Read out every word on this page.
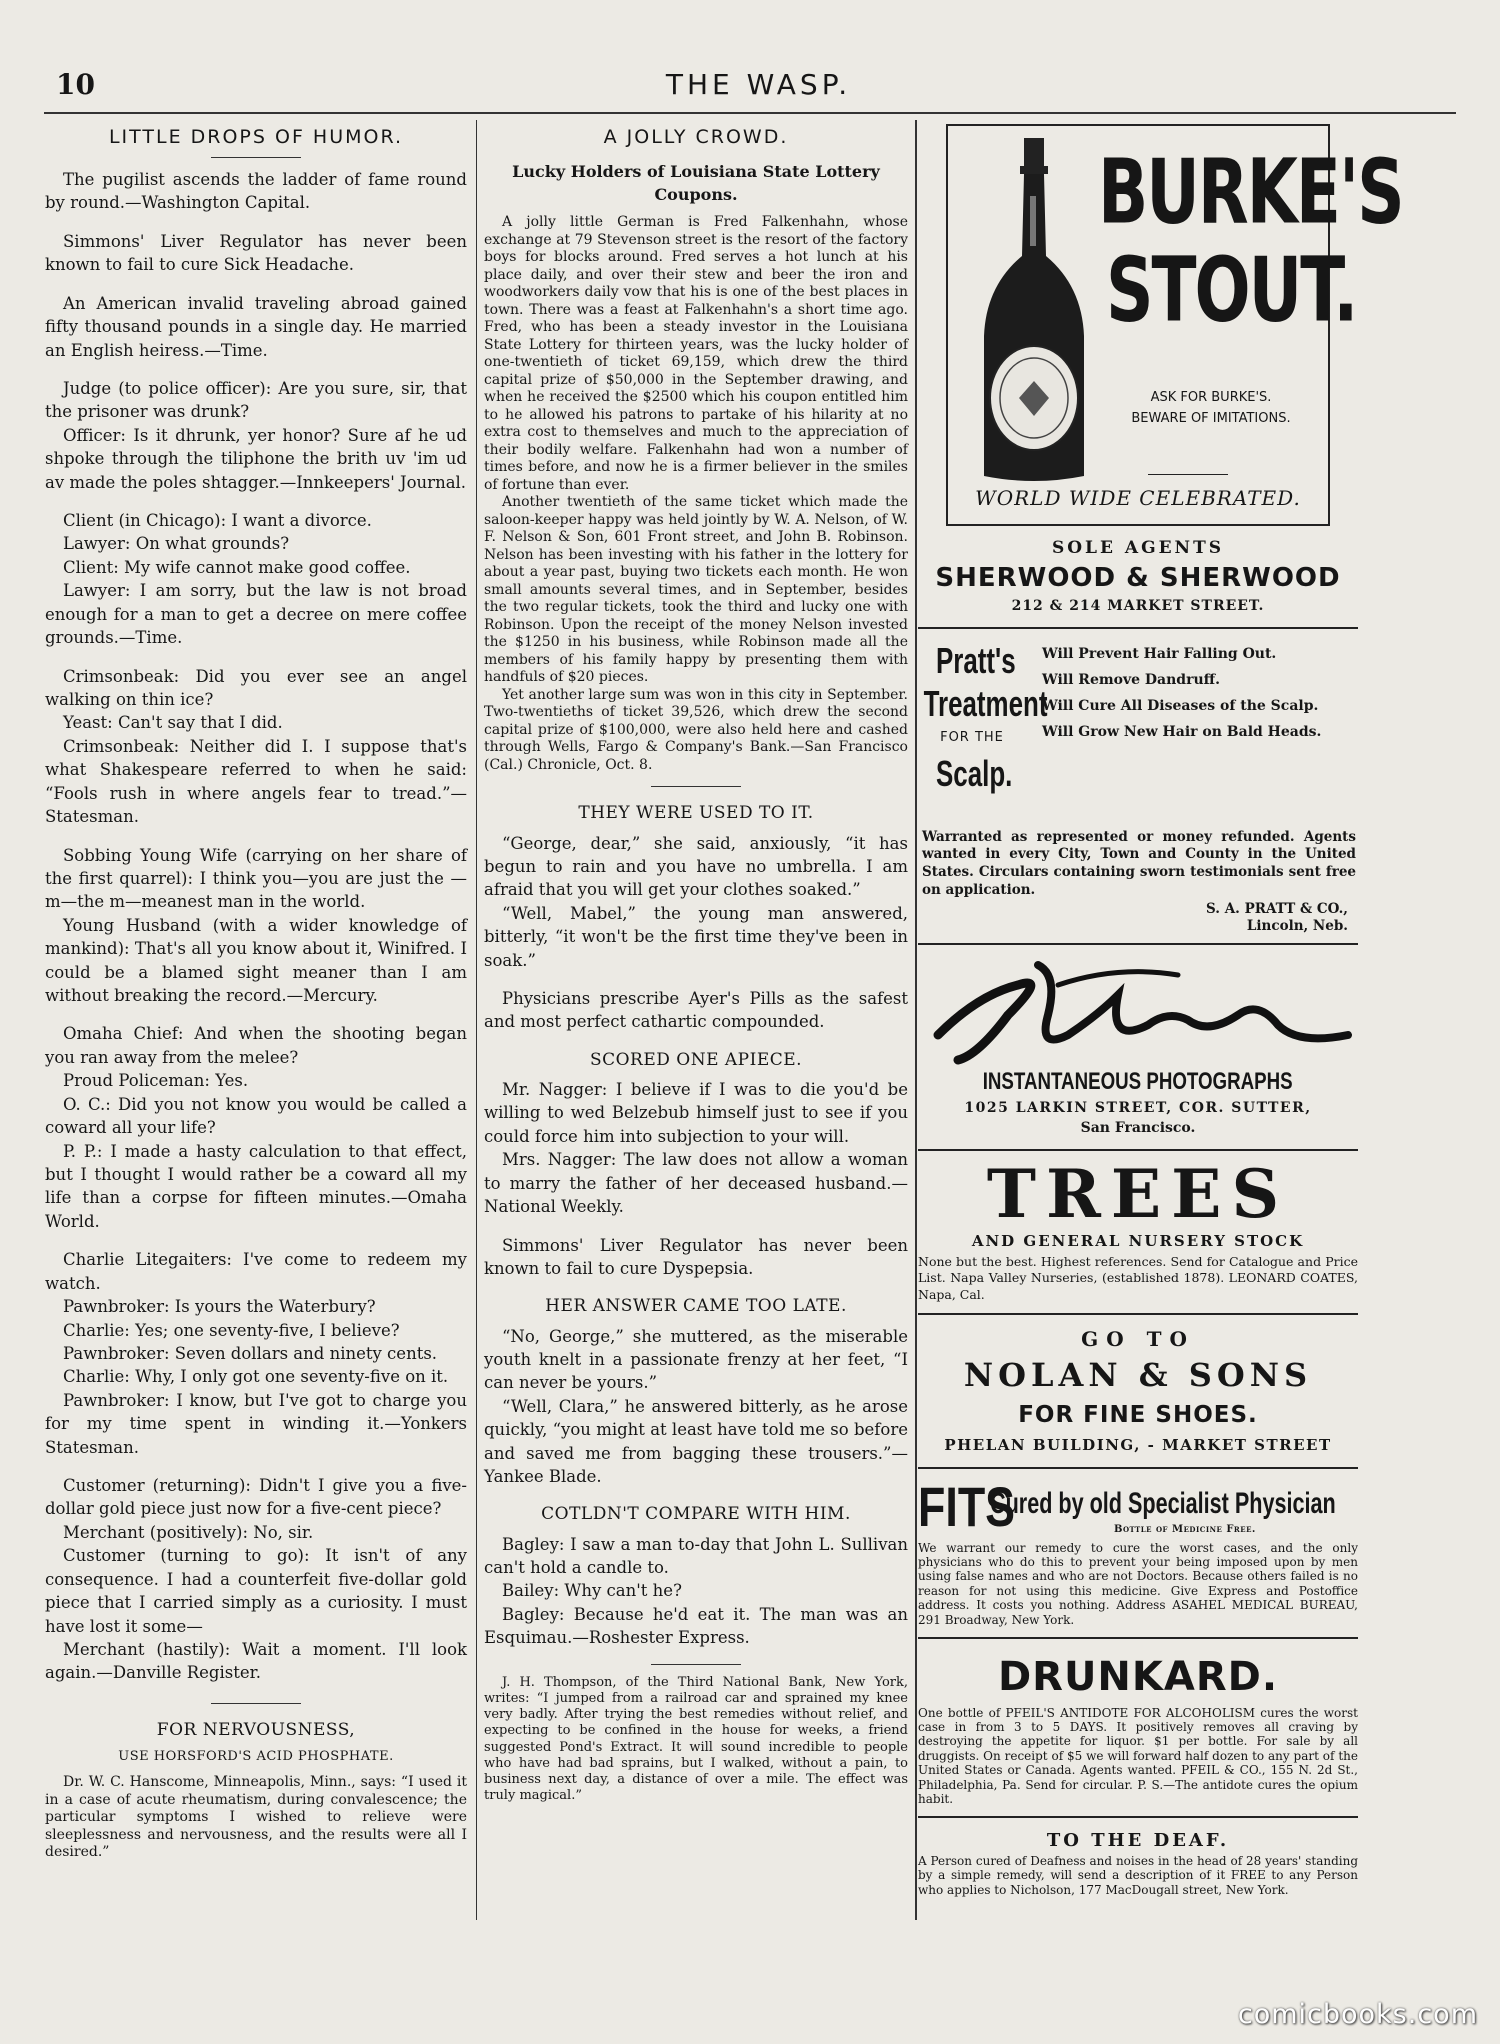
10	THE WASP.
LITTLE DROPS OF HUMOR.

The pugilist ascends the ladder of fame round by round.—Washington Capital.

Simmons' Liver Regulator has never been known to fail to cure Sick Headache.

An American invalid traveling abroad gained fifty thousand pounds in a single day. He married an English heiress.—Time.

Judge (to police officer): Are you sure, sir, that the prisoner was drunk?

Officer: Is it dhrunk, yer honor? Sure af he ud shpoke through the tiliphone the brith uv 'im ud av made the poles shtagger.—Innkeepers' Journal.

Client (in Chicago): I want a divorce.

Lawyer: On what grounds?

Client: My wife cannot make good coffee.

Lawyer: I am sorry, but the law is not broad enough for a man to get a decree on mere coffee grounds.—Time.

Crimsonbeak: Did you ever see an angel walking on thin ice?

Yeast: Can't say that I did.

Crimsonbeak: Neither did I. I suppose that's what Shakespeare referred to when he said: “Fools rush in where angels fear to tread.”—Statesman.

Sobbing Young Wife (carrying on her share of the first quarrel): I think you—you are just the —m—the m—meanest man in the world.

Young Husband (with a wider knowledge of mankind): That's all you know about it, Winifred. I could be a blamed sight meaner than I am without breaking the record.—Mercury.

Omaha Chief: And when the shooting began you ran away from the melee?

Proud Policeman: Yes.

O. C.: Did you not know you would be called a coward all your life?

P. P.: I made a hasty calculation to that effect, but I thought I would rather be a coward all my life than a corpse for fifteen minutes.—Omaha World.

Charlie Litegaiters: I've come to redeem my watch.

Pawnbroker: Is yours the Waterbury?

Charlie: Yes; one seventy-five, I believe?

Pawnbroker: Seven dollars and ninety cents.

Charlie: Why, I only got one seventy-five on it.

Pawnbroker: I know, but I've got to charge you for my time spent in winding it.—Yonkers Statesman.

Customer (returning): Didn't I give you a five-dollar gold piece just now for a five-cent piece?

Merchant (positively): No, sir.

Customer (turning to go): It isn't of any consequence. I had a counterfeit five-dollar gold piece that I carried simply as a curiosity. I must have lost it some—

Merchant (hastily): Wait a moment. I'll look again.—Danville Register.

FOR NERVOUSNESS,
USE HORSFORD'S ACID PHOSPHATE.

Dr. W. C. Hanscome, Minneapolis, Minn., says: “I used it in a case of acute rheumatism, during convalescence; the particular symptoms I wished to relieve were sleeplessness and nervousness, and the results were all I desired.”

A JOLLY CROWD.
Lucky Holders of Louisiana State Lottery Coupons.

A jolly little German is Fred Falkenhahn, whose exchange at 79 Stevenson street is the resort of the factory boys for blocks around. Fred serves a hot lunch at his place daily, and over their stew and beer the iron and woodworkers daily vow that his is one of the best places in town. There was a feast at Falkenhahn's a short time ago. Fred, who has been a steady investor in the Louisiana State Lottery for thirteen years, was the lucky holder of one-twentieth of ticket 69,159, which drew the third capital prize of $50,000 in the September drawing, and when he received the $2500 which his coupon entitled him to he allowed his patrons to partake of his hilarity at no extra cost to themselves and much to the appreciation of their bodily welfare. Falkenhahn had won a number of times before, and now he is a firmer believer in the smiles of fortune than ever.

Another twentieth of the same ticket which made the saloon-keeper happy was held jointly by W. A. Nelson, of W. F. Nelson & Son, 601 Front street, and John B. Robinson. Nelson has been investing with his father in the lottery for about a year past, buying two tickets each month. He won small amounts several times, and in September, besides the two regular tickets, took the third and lucky one with Robinson. Upon the receipt of the money Nelson invested the $1250 in his business, while Robinson made all the members of his family happy by presenting them with handfuls of $20 pieces.

Yet another large sum was won in this city in September. Two-twentieths of ticket 39,526, which drew the second capital prize of $100,000, were also held here and cashed through Wells, Fargo & Company's Bank.—San Francisco (Cal.) Chronicle, Oct. 8.

THEY WERE USED TO IT.

“George, dear,” she said, anxiously, “it has begun to rain and you have no umbrella. I am afraid that you will get your clothes soaked.”

“Well, Mabel,” the young man answered, bitterly, “it won't be the first time they've been in soak.”

Physicians prescribe Ayer's Pills as the safest and most perfect cathartic compounded.

SCORED ONE APIECE.

Mr. Nagger: I believe if I was to die you'd be willing to wed Belzebub himself just to see if you could force him into subjection to your will.

Mrs. Nagger: The law does not allow a woman to marry the father of her deceased husband.—National Weekly.

Simmons' Liver Regulator has never been known to fail to cure Dyspepsia.

HER ANSWER CAME TOO LATE.

“No, George,” she muttered, as the miserable youth knelt in a passionate frenzy at her feet, “I can never be yours.”

“Well, Clara,” he answered bitterly, as he arose quickly, “you might at least have told me so before and saved me from bagging these trousers.”—Yankee Blade.

COTLDN'T COMPARE WITH HIM.

Bagley: I saw a man to-day that John L. Sullivan can't hold a candle to.

Bailey: Why can't he?

Bagley: Because he'd eat it. The man was an Esquimau.—Roshester Express.

J. H. Thompson, of the Third National Bank, New York, writes: “I jumped from a railroad car and sprained my knee very badly. After trying the best remedies without relief, and expecting to be confined in the house for weeks, a friend suggested Pond's Extract. It will sound incredible to people who have had bad sprains, but I walked, without a pain, to business next day, a distance of over a mile. The effect was truly magical.”

BURKE'S
STOUT.
ASK FOR BURKE'S.
BEWARE OF IMITATIONS.
WORLD WIDE CELEBRATED.
SOLE AGENTS
SHERWOOD & SHERWOOD
212 & 214 MARKET STREET.
Pratt's
Treatment
FOR THE
Scalp.
Will Prevent Hair Falling Out.
Will Remove Dandruff.
Will Cure All Diseases of the Scalp.
Will Grow New Hair on Bald Heads.
Warranted as represented or money refunded. Agents wanted in every City, Town and County in the United States. Circulars containing sworn testimonials sent free on application.
S. A. PRATT & CO.,
Lincoln, Neb.
INSTANTANEOUS PHOTOGRAPHS
1025 LARKIN STREET, COR. SUTTER,
San Francisco.
TREES
AND GENERAL NURSERY STOCK
None but the best. Highest references. Send for Catalogue and Price List. Napa Valley Nurseries, (established 1878). LEONARD COATES, Napa, Cal.
GO TO
NOLAN & SONS
FOR FINE SHOES.
PHELAN BUILDING, - MARKET STREET
FITS
Cured by old Specialist Physician
Bottle of Medicine Free.
We warrant our remedy to cure the worst cases, and the only physicians who do this to prevent your being imposed upon by men using false names and who are not Doctors. Because others failed is no reason for not using this medicine. Give Express and Postoffice address. It costs you nothing. Address ASAHEL MEDICAL BUREAU, 291 Broadway, New York.
DRUNKARD.
One bottle of PFEIL'S ANTIDOTE FOR ALCOHOLISM cures the worst case in from 3 to 5 DAYS. It positively removes all craving by destroying the appetite for liquor. $1 per bottle. For sale by all druggists. On receipt of $5 we will forward half dozen to any part of the United States or Canada. Agents wanted. PFEIL & CO., 155 N. 2d St., Philadelphia, Pa. Send for circular. P. S.—The antidote cures the opium habit.
TO THE DEAF.
A Person cured of Deafness and noises in the head of 28 years' standing by a simple remedy, will send a description of it FREE to any Person who applies to Nicholson, 177 MacDougall street, New York.
comicbooks.com
